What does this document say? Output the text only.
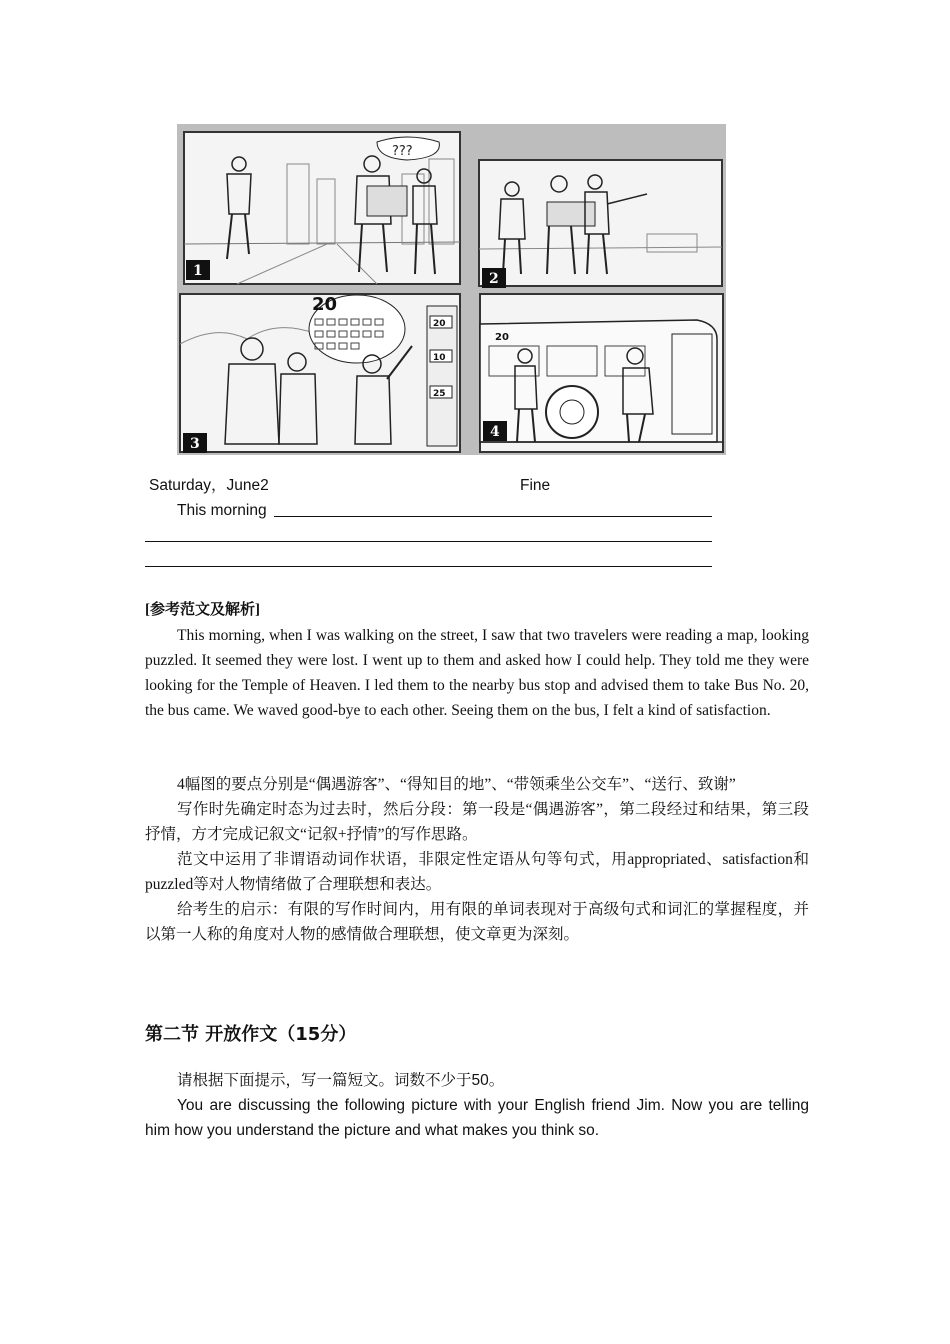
???
1	2
20
20
10
25
3
20
4
Saturday，June2	Fine
This morning
[参考范文及解析]

This morning, when I was walking on the street, I saw that two travelers were reading a map, looking puzzled. It seemed they were lost. I went up to them and asked how I could help. They told me they were looking for the Temple of Heaven. I led them to the nearby bus stop and advised them to take Bus No. 20, the bus came. We waved good-bye to each other. Seeing them on the bus, I felt a kind of satisfaction.

4幅图的要点分别是“偶遇游客”、“得知目的地”、“带领乘坐公交车”、“送行、致谢”

写作时先确定时态为过去时，然后分段：第一段是“偶遇游客”，第二段经过和结果，第三段抒情，方才完成记叙文“记叙+抒情”的写作思路。

范文中运用了非谓语动词作状语，非限定性定语从句等句式，用appropriated、satisfaction和puzzled等对人物情绪做了合理联想和表达。

给考生的启示：有限的写作时间内，用有限的单词表现对于高级句式和词汇的掌握程度，并以第一人称的角度对人物的感情做合理联想，使文章更为深刻。

第二节 开放作文（15分）

请根据下面提示，写一篇短文。词数不少于50。

You are discussing the following picture with your English friend Jim. Now you are telling him how you understand the picture and what makes you think so.
